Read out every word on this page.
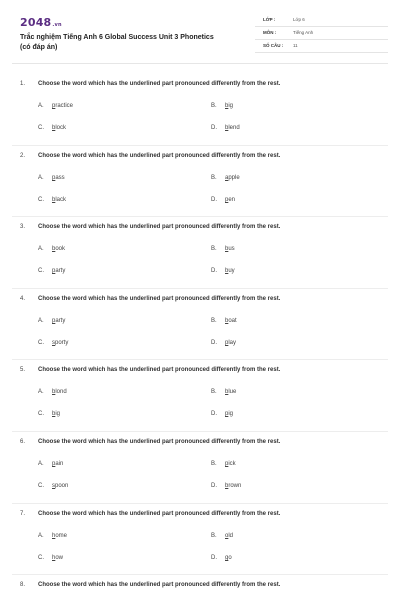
2048.vn
Trắc nghiệm Tiếng Anh 6 Global Success Unit 3 Phonetics
(có đáp án)
LỚP :	Lớp 6
MÔN :	Tiếng Anh
SỐ CÂU : 11
1. Choose the word which has the underlined part pronounced differently from the rest.
A. practice	B. big
C. block	D. blend
2. Choose the word which has the underlined part pronounced differently from the rest.
A. pass	B. apple
C. black	D. pen
3. Choose the word which has the underlined part pronounced differently from the rest.
A. book	B. bus
C. party	D. buy
4. Choose the word which has the underlined part pronounced differently from the rest.
A. party	B. boat
C. sporty	D. play
5. Choose the word which has the underlined part pronounced differently from the rest.
A. blond	B. blue
C. big	D. pig
6. Choose the word which has the underlined part pronounced differently from the rest.
A. pain	B. pick
C. spoon	D. brown
7. Choose the word which has the underlined part pronounced differently from the rest.
A. home	B. old
C. how	D. go
8. Choose the word which has the underlined part pronounced differently from the rest.
